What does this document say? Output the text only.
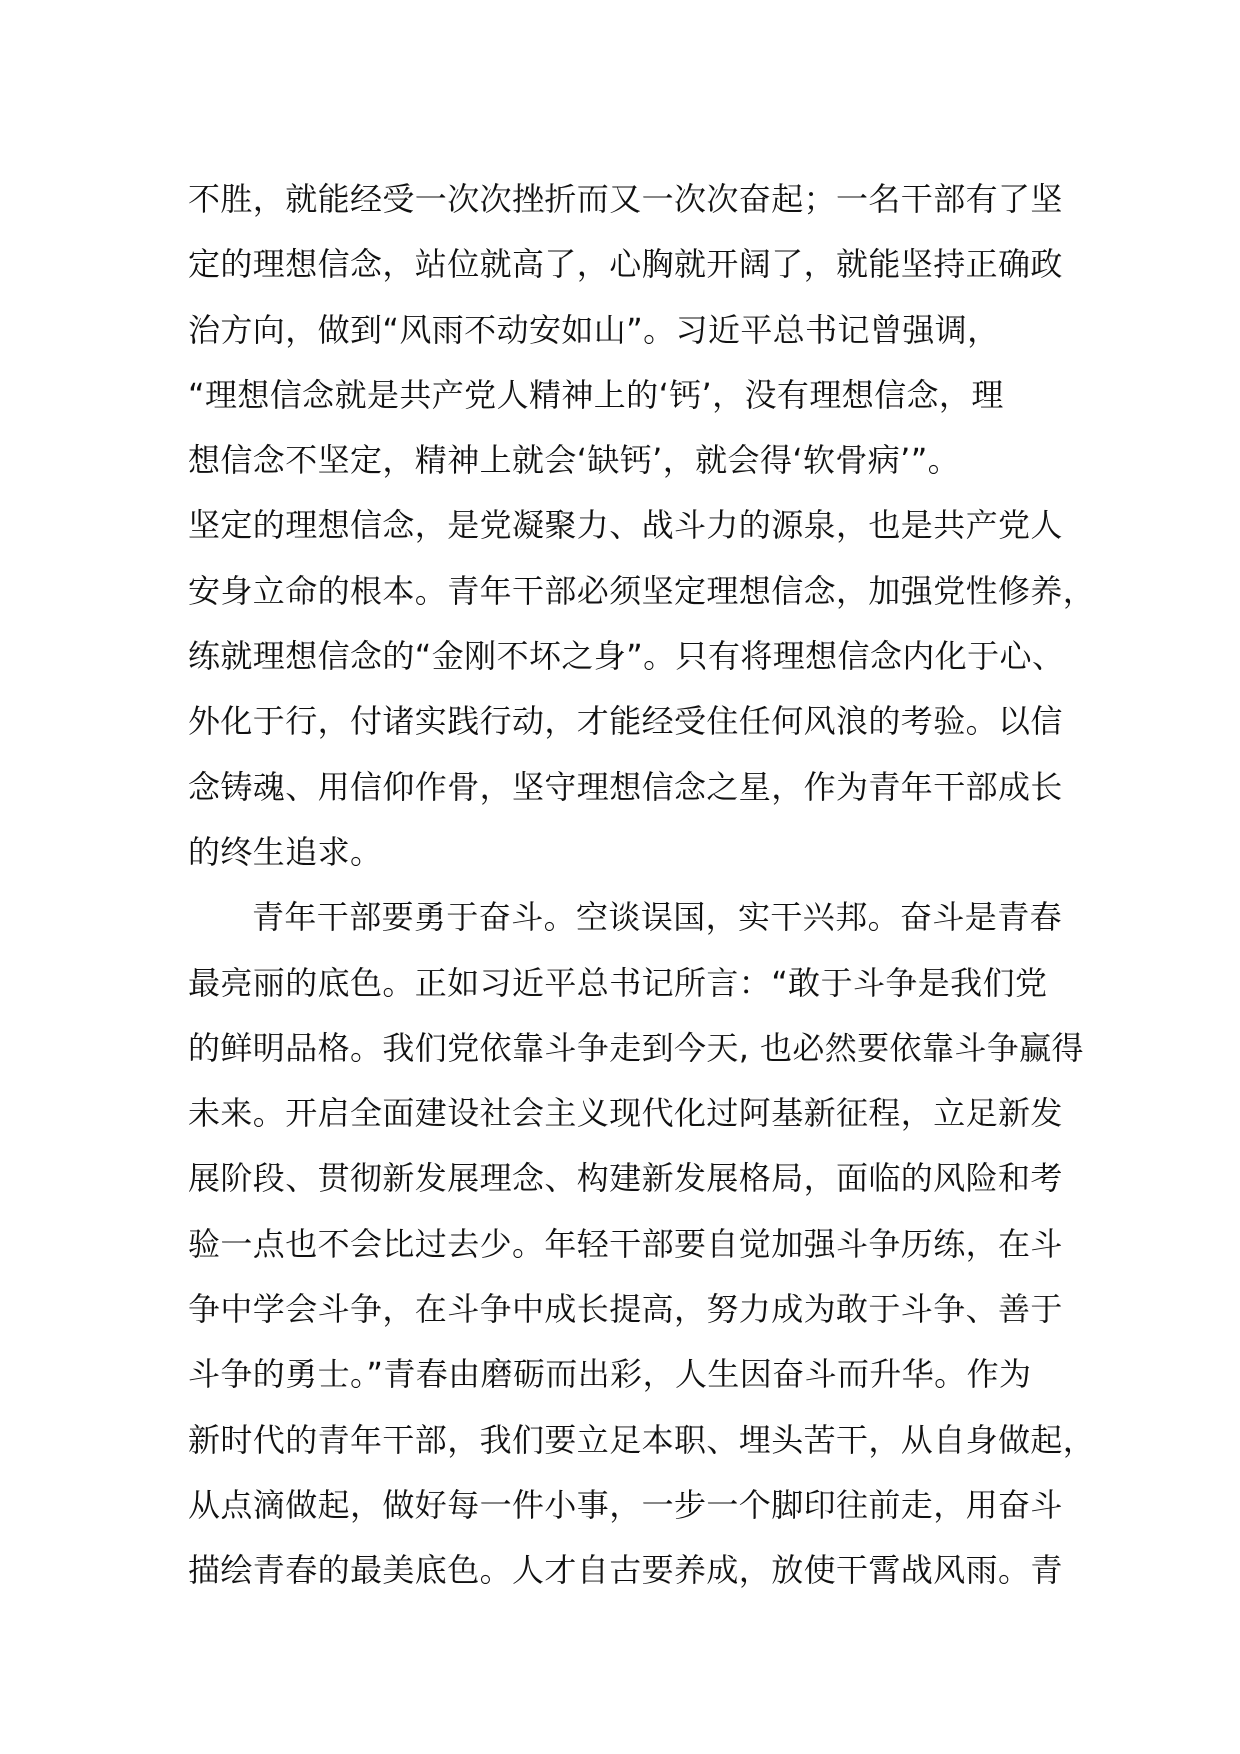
不胜，就能经受一次次挫折而又一次次奋起；一名干部有了坚
定的理想信念，站位就高了，心胸就开阔了，就能坚持正确政
治方向，做到“风雨不动安如山”。习近平总书记曾强调，
“理想信念就是共产党人精神上的‘钙’，没有理想信念，理
想信念不坚定，精神上就会‘缺钙’，就会得‘软骨病’”。
坚定的理想信念，是党凝聚力、战斗力的源泉，也是共产党人
安身立命的根本。青年干部必须坚定理想信念，加强党性修养，
练就理想信念的“金刚不坏之身”。只有将理想信念内化于心、
外化于行，付诸实践行动，才能经受住任何风浪的考验。以信
念铸魂、用信仰作骨，坚守理想信念之星，作为青年干部成长
的终生追求。
青年干部要勇于奋斗。空谈误国，实干兴邦。奋斗是青春
最亮丽的底色。正如习近平总书记所言：“敢于斗争是我们党
的鲜明品格。我们党依靠斗争走到今天, 也必然要依靠斗争赢得
未来。开启全面建设社会主义现代化过阿基新征程，立足新发
展阶段、贯彻新发展理念、构建新发展格局，面临的风险和考
验一点也不会比过去少。年轻干部要自觉加强斗争历练，在斗
争中学会斗争，在斗争中成长提高，努力成为敢于斗争、善于
斗争的勇士。”青春由磨砺而出彩，人生因奋斗而升华。作为
新时代的青年干部，我们要立足本职、埋头苦干，从自身做起，
从点滴做起，做好每一件小事，一步一个脚印往前走，用奋斗
描绘青春的最美底色。人才自古要养成，放使干霄战风雨。青
